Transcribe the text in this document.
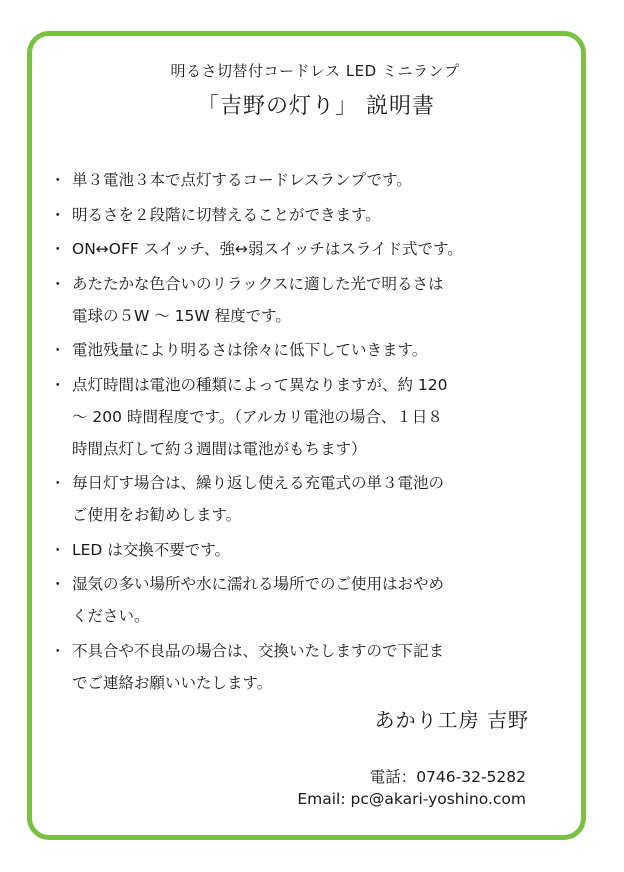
明るさ切替付コードレス LED ミニランプ
「吉野の灯り」 説明書
・ 単３電池３本で点灯するコードレスランプです。
・ 明るさを２段階に切替えることができます。
・ ON↔OFF スイッチ、強↔弱スイッチはスライド式です。
・ あたたかな色合いのリラックスに適した光で明るさは
電球の５W 〜 15W 程度です。
・ 電池残量により明るさは徐々に低下していきます。
・ 点灯時間は電池の種類によって異なりますが、約 120
〜 200 時間程度です。（アルカリ電池の場合、１日８
時間点灯して約３週間は電池がもちます）
・ 毎日灯す場合は、繰り返し使える充電式の単３電池の
ご使用をお勧めします。
・ LED は交換不要です。
・ 湿気の多い場所や水に濡れる場所でのご使用はおやめ
ください。
・ 不具合や不良品の場合は、交換いたしますので下記ま
でご連絡お願いいたします。
あかり工房 吉野
電話：0746-32-5282
Email: pc@akari-yoshino.com
